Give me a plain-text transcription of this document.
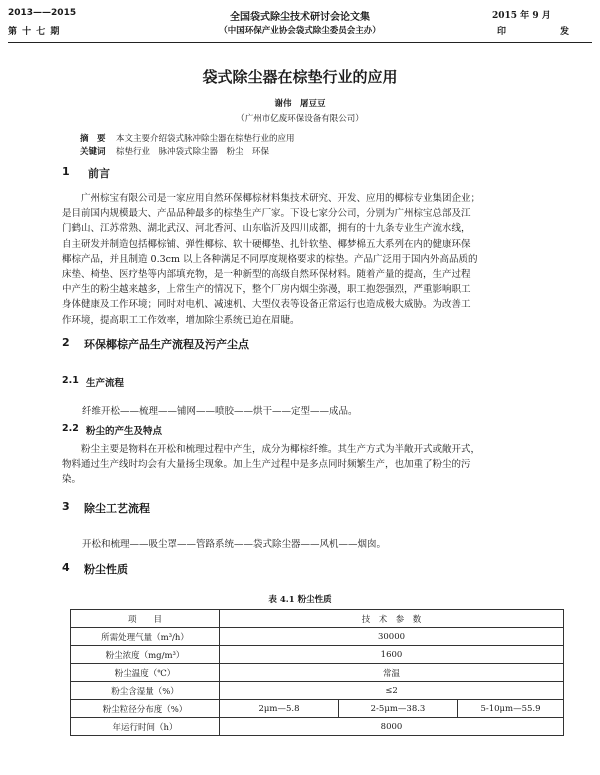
2013——2015
第 十 七 期
全国袋式除尘技术研讨会论文集
（中国环保产业协会袋式除尘委员会主办）
2015 年 9 月
印	发
袋式除尘器在棕垫行业的应用
谢伟　屠豆豆
（广州市亿废环保设备有限公司）
摘　要 本文主要介绍袋式脉冲除尘器在棕垫行业的应用
关键词 棕垫行业　脉冲袋式除尘器　粉尘　环保
1 前言
广州棕宝有限公司是一家应用自然环保椰棕材料集技术研究、开发、应用的椰棕专业集团企业；
是目前国内规模最大、产品品种最多的棕垫生产厂家。下设七家分公司，分别为广州棕宝总部及江
门鹤山、江苏常熟、湖北武汉、河北香河、山东临沂及四川成都，拥有的十九条专业生产流水线，
自主研发并制造包括椰棕铺、弹性椰棕、软十硬椰垫、扎针软垫、椰梦棉五大系列在内的健康环保
椰棕产品，并且制造 0.3cm 以上各种满足不同厚度规格要求的棕垫。产品广泛用于国内外高品质的
床垫、椅垫、医疗垫等内部填充物，是一种新型的高级自然环保材料。随着产量的提高，生产过程
中产生的粉尘越来越多，上常生产的情况下，整个厂房内烟尘弥漫，职工抱怨强烈，严重影响职工
身体健康及工作环境；同时对电机、减速机、大型仪表等设备正常运行也造成极大威胁。为改善工
作环境，提高职工工作效率，增加除尘系统已迫在眉睫。
2 环保椰棕产品生产流程及污产尘点
2.1 生产流程
纤维开松——梳理——铺网——喷胶——烘干——定型——成品。
2.2 粉尘的产生及特点
粉尘主要是物料在开松和梳理过程中产生，成分为椰棕纤维。其生产方式为半敞开式或敞开式，
物料通过生产线时均会有大量扬尘现象。加上生产过程中是多点同时频繁生产，也加重了粉尘的污
染。
3 除尘工艺流程
开松和梳理——吸尘罩——管路系统——袋式除尘器——风机——烟囱。
4 粉尘性质
表 4.1 粉尘性质
项　　目	技　术　参　数		
所需处理气量（m³/h）	30000		
粉尘浓度（mg/m³）	1600		
粉尘温度（℃）	常温		
粉尘含湿量（%）	≤2		
粉尘粒径分布度（%）	2μm—5.8	2-5μm—38.3	5-10μm—55.9
年运行时间（h）	8000		
